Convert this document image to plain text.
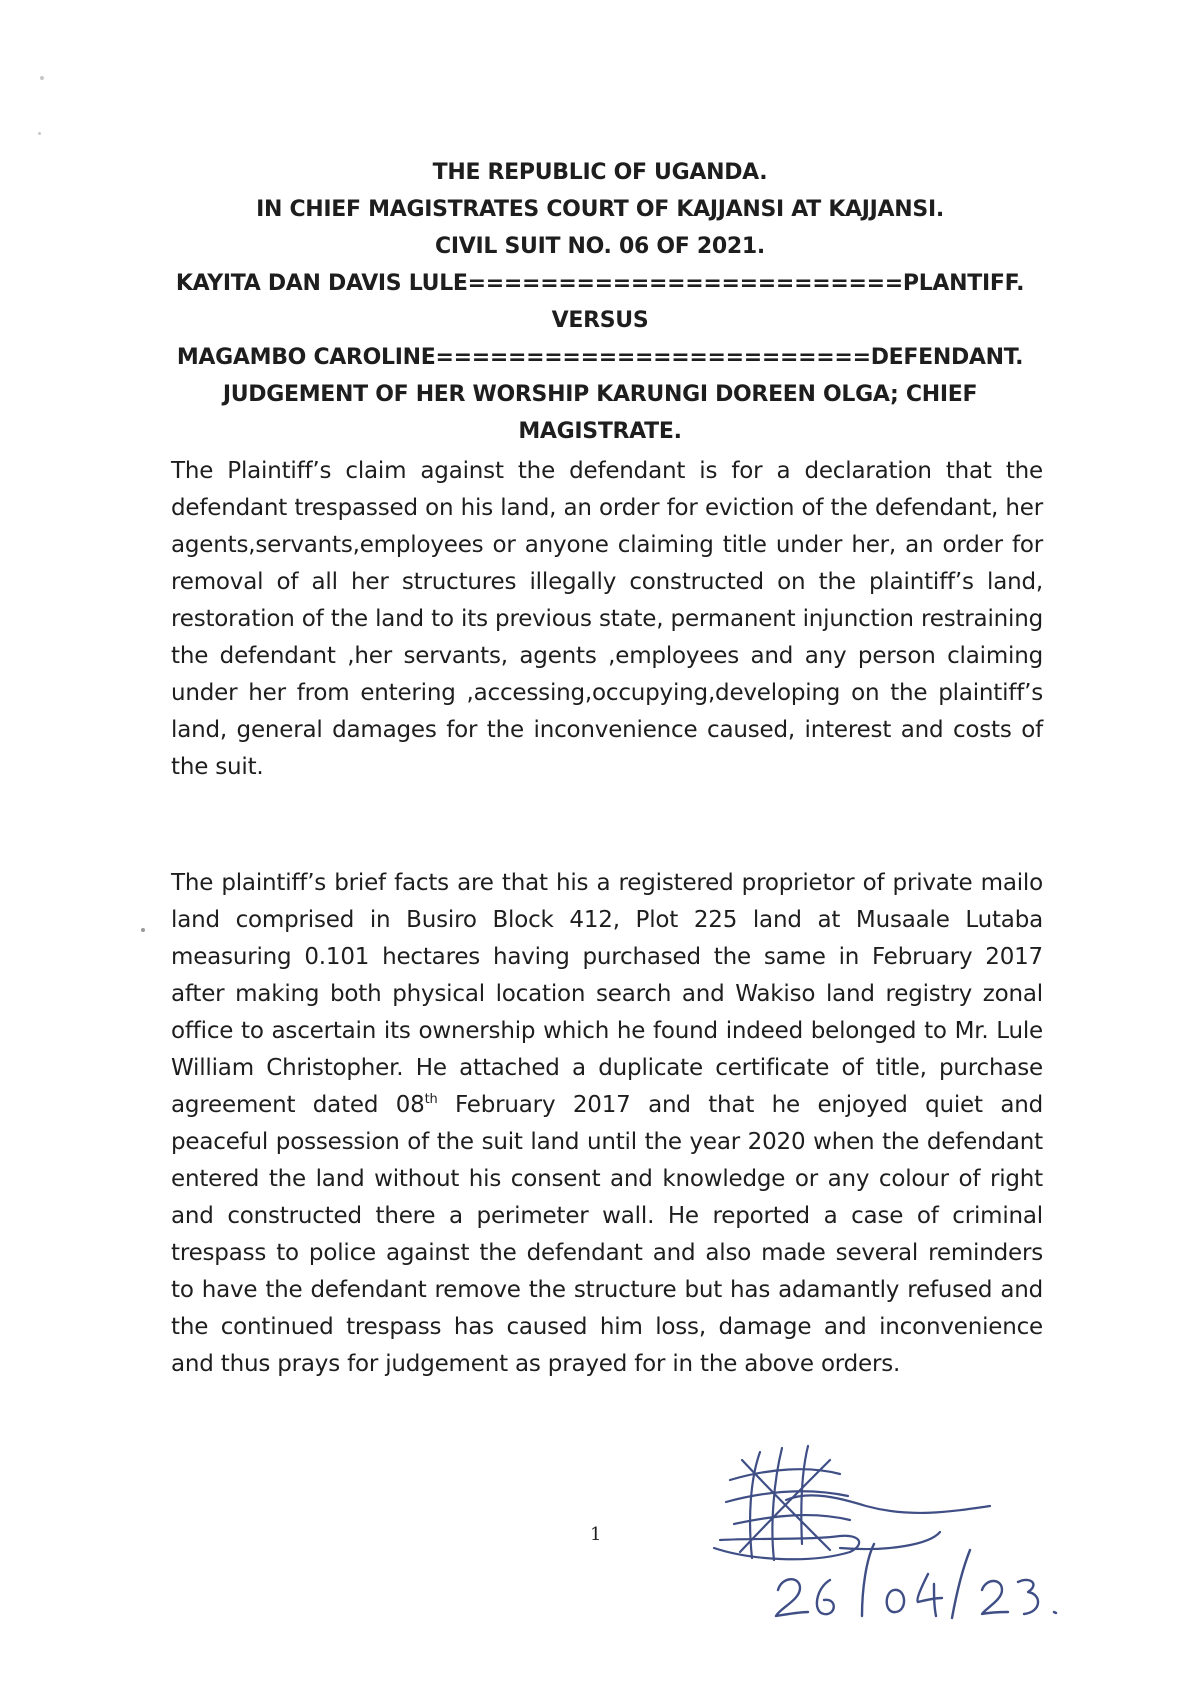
THE REPUBLIC OF UGANDA.
IN CHIEF MAGISTRATES COURT OF KAJJANSI AT KAJJANSI.
CIVIL SUIT NO. 06 OF 2021.
KAYITA DAN DAVIS LULE========================PLANTIFF.
VERSUS
MAGAMBO CAROLINE========================DEFENDANT.
JUDGEMENT OF HER WORSHIP KARUNGI DOREEN OLGA; CHIEF
MAGISTRATE.

The Plaintiff’s claim against the defendant is for a declaration that the defendant trespassed on his land, an order for eviction of the defendant, her agents,servants,employees or anyone claiming title under her, an order for removal of all her structures illegally constructed on the plaintiff’s land, restoration of the land to its previous state, permanent injunction restraining the defendant ,her servants, agents ,employees and any person claiming under her from entering ,accessing,occupying,developing on the plaintiff’s land, general damages for the inconvenience caused, interest and costs of the suit.

The plaintiff’s brief facts are that his a registered proprietor of private mailo land comprised in Busiro Block 412, Plot 225 land at Musaale Lutaba measuring 0.101 hectares having purchased the same in February 2017 after making both physical location search and Wakiso land registry zonal office to ascertain its ownership which he found indeed belonged to Mr. Lule William Christopher. He attached a duplicate certificate of title, purchase agreement dated 08th February 2017 and that he enjoyed quiet and peaceful possession of the suit land until the year 2020 when the defendant entered the land without his consent and knowledge or any colour of right and constructed there a perimeter wall. He reported a case of criminal trespass to police against the defendant and also made several reminders to have the defendant remove the structure but has adamantly refused and the continued trespass has caused him loss, damage and inconvenience and thus prays for judgement as prayed for in the above orders.

1
26/04/23.
